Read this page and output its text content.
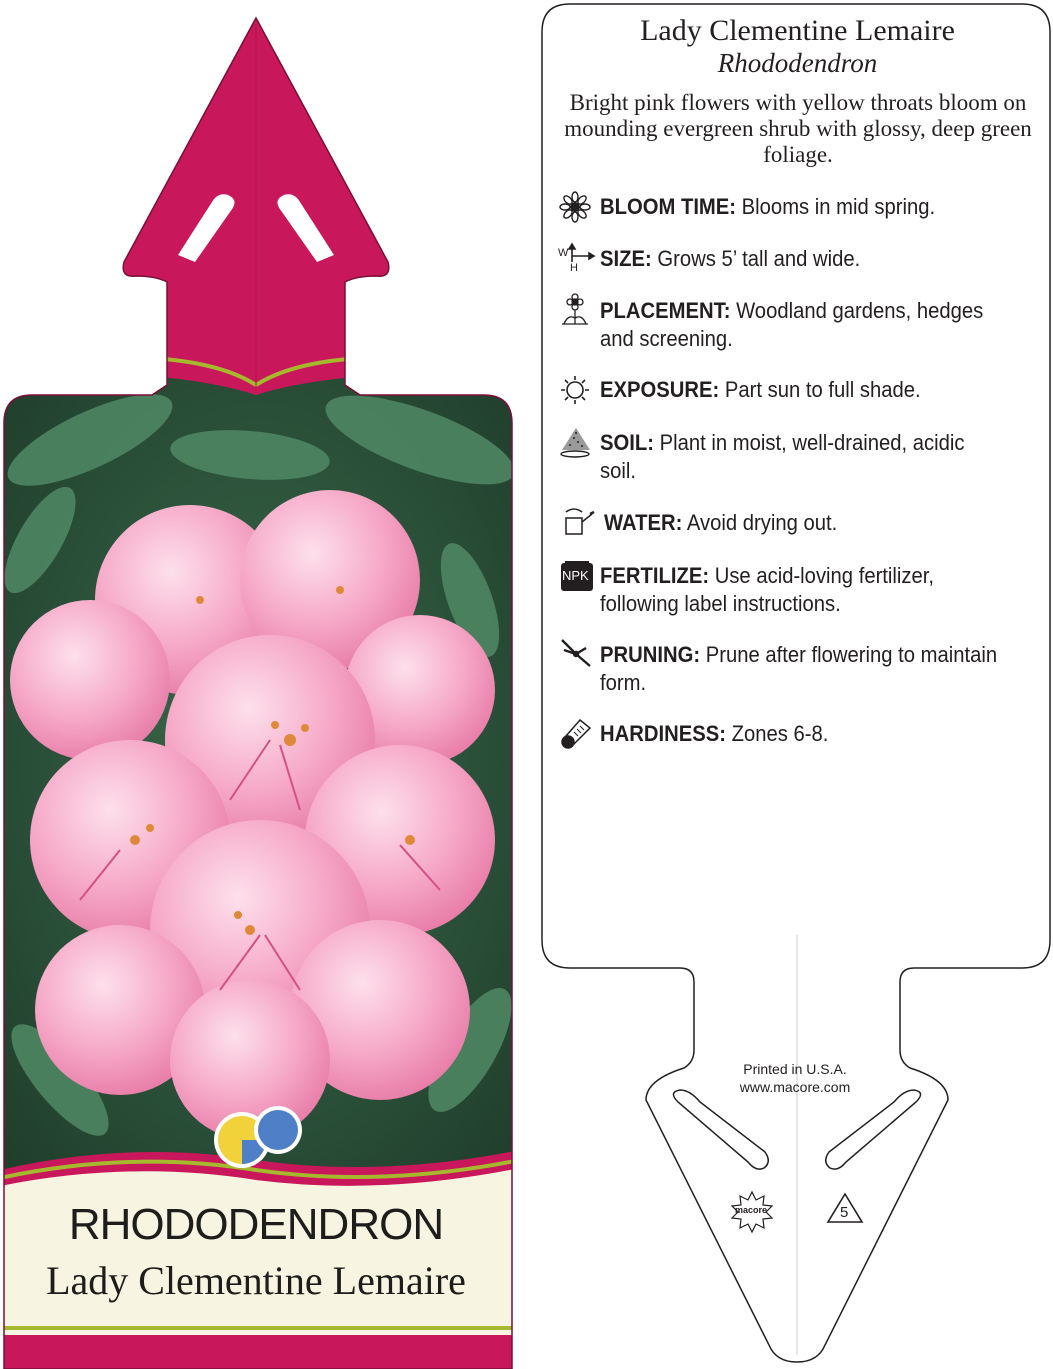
RHODODENDRON
Lady Clementine Lemaire
Lady Clementine Lemaire
Rhododendron
Bright pink flowers with yellow throats bloom on mounding evergreen shrub with glossy, deep green foliage.
W
H
NPK
BLOOM TIME: Blooms in mid spring.
SIZE: Grows 5’ tall and wide.
PLACEMENT: Woodland gardens, hedges and screening.
EXPOSURE: Part sun to full shade.
SOIL: Plant in moist, well-drained, acidic soil.
WATER: Avoid drying out.
FERTILIZE: Use acid-loving fertilizer, following label instructions.
PRUNING: Prune after flowering to maintain form.
HARDINESS: Zones 6-8.
Printed in U.S.A.
www.macore.com
macore	5
